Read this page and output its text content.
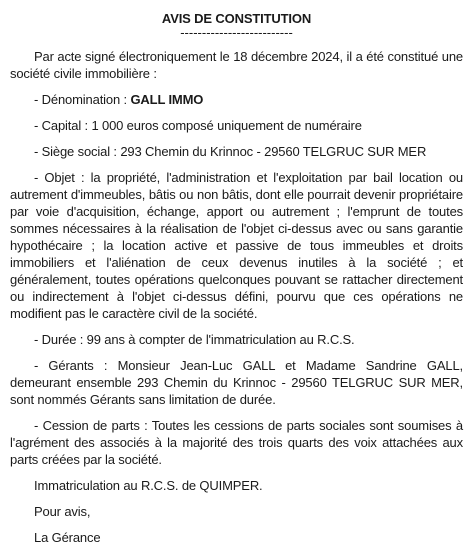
AVIS DE CONSTITUTION
--------------------------

Par acte signé électroniquement le 18 décembre 2024, il a été constitué une société civile immobilière :

- Dénomination : GALL IMMO

- Capital : 1 000 euros composé uniquement de numéraire

- Siège social : 293 Chemin du Krinnoc - 29560 TELGRUC SUR MER

- Objet : la propriété, l'administration et l'exploitation par bail location ou autrement d'immeubles, bâtis ou non bâtis, dont elle pourrait devenir propriétaire par voie d'acquisition, échange, apport ou autrement ; l'emprunt de toutes sommes nécessaires à la réalisation de l'objet ci-dessus avec ou sans garantie hypothécaire ; la location active et passive de tous immeubles et droits immobiliers et l'aliénation de ceux devenus inutiles à la société ; et généralement, toutes opérations quelconques pouvant se rattacher directement ou indirectement à l'objet ci-dessus défini, pourvu que ces opérations ne modifient pas le caractère civil de la société.

- Durée : 99 ans à compter de l'immatriculation au R.C.S.

- Gérants : Monsieur Jean-Luc GALL et Madame Sandrine GALL, demeurant ensemble 293 Chemin du Krinnoc - 29560 TELGRUC SUR MER, sont nommés Gérants sans limitation de durée.

- Cession de parts : Toutes les cessions de parts sociales sont soumises à l'agrément des associés à la majorité des trois quarts des voix attachées aux parts créées par la société.

Immatriculation au R.C.S. de QUIMPER.

Pour avis,

La Gérance
